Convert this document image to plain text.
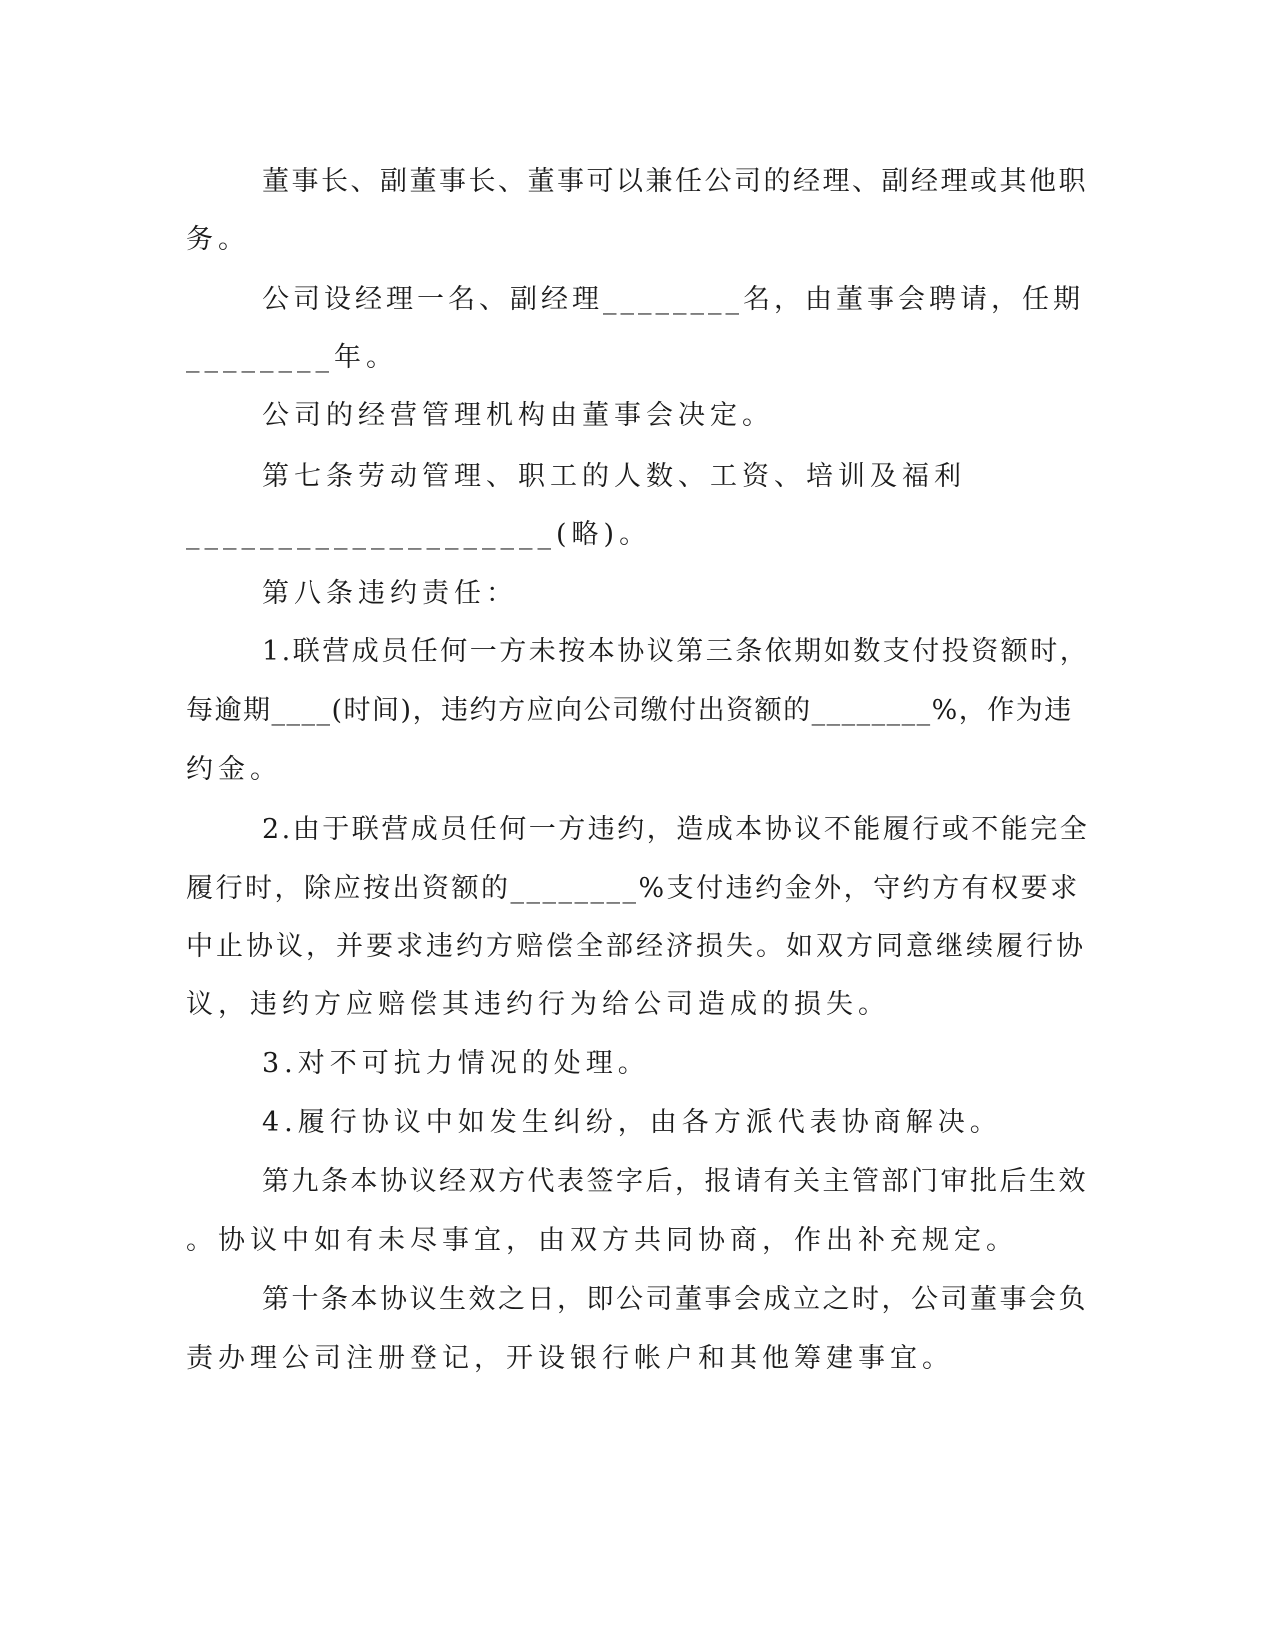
董事长、副董事长、董事可以兼任公司的经理、副经理或其他职
务。
公司设经理一名、副经理________名，由董事会聘请，任期
________年。
公司的经营管理机构由董事会决定。
第七条劳动管理、职工的人数、工资、培训及福利
____________________(略)。
第八条违约责任：
1.联营成员任何一方未按本协议第三条依期如数支付投资额时，
每逾期____(时间)，违约方应向公司缴付出资额的________%，作为违
约金。
2.由于联营成员任何一方违约，造成本协议不能履行或不能完全
履行时，除应按出资额的________%支付违约金外，守约方有权要求
中止协议，并要求违约方赔偿全部经济损失。如双方同意继续履行协
议，违约方应赔偿其违约行为给公司造成的损失。
3.对不可抗力情况的处理。
4.履行协议中如发生纠纷，由各方派代表协商解决。
第九条本协议经双方代表签字后，报请有关主管部门审批后生效
。协议中如有未尽事宜，由双方共同协商，作出补充规定。
第十条本协议生效之日，即公司董事会成立之时，公司董事会负
责办理公司注册登记，开设银行帐户和其他筹建事宜。
